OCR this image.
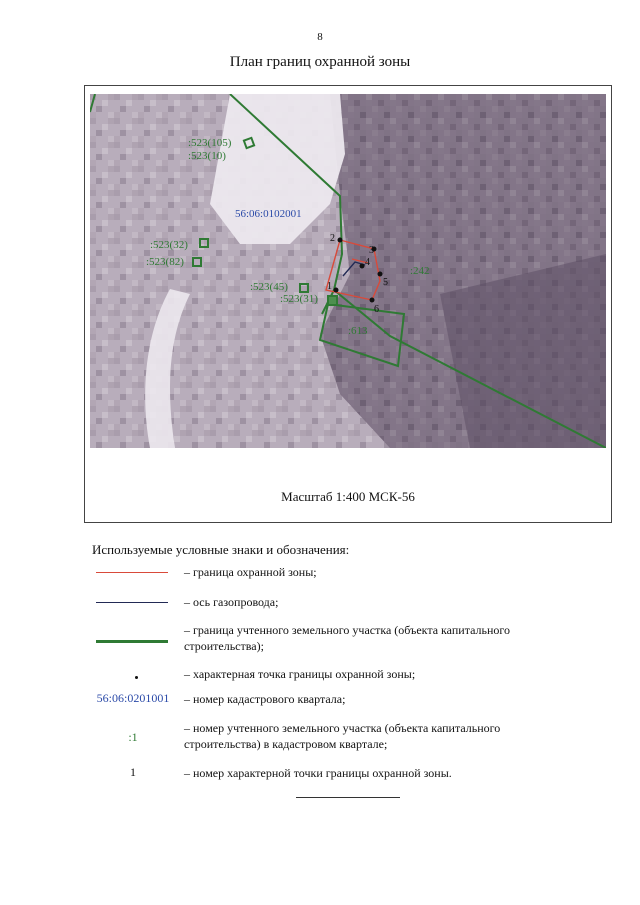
8
План границ охранной зоны
56:06:0102001
:523(105)
:523(10)
:523(32)
:523(82)
:523(45)
:523(31)
:242
:613
1
2
3
4
5
6
Масштаб 1:400 МСК-56
Используемые условные знаки и обозначения:
– граница охранной зоны;
– ось газопровода;
– граница учтенного земельного участка (объекта капитального строительства);
– характерная точка границы охранной зоны;
56:06:0201001	– номер кадастрового квартала;
:1
– номер учтенного земельного участка (объекта капитального строительства) в кадастровом квартале;
1	– номер характерной точки границы охранной зоны.
